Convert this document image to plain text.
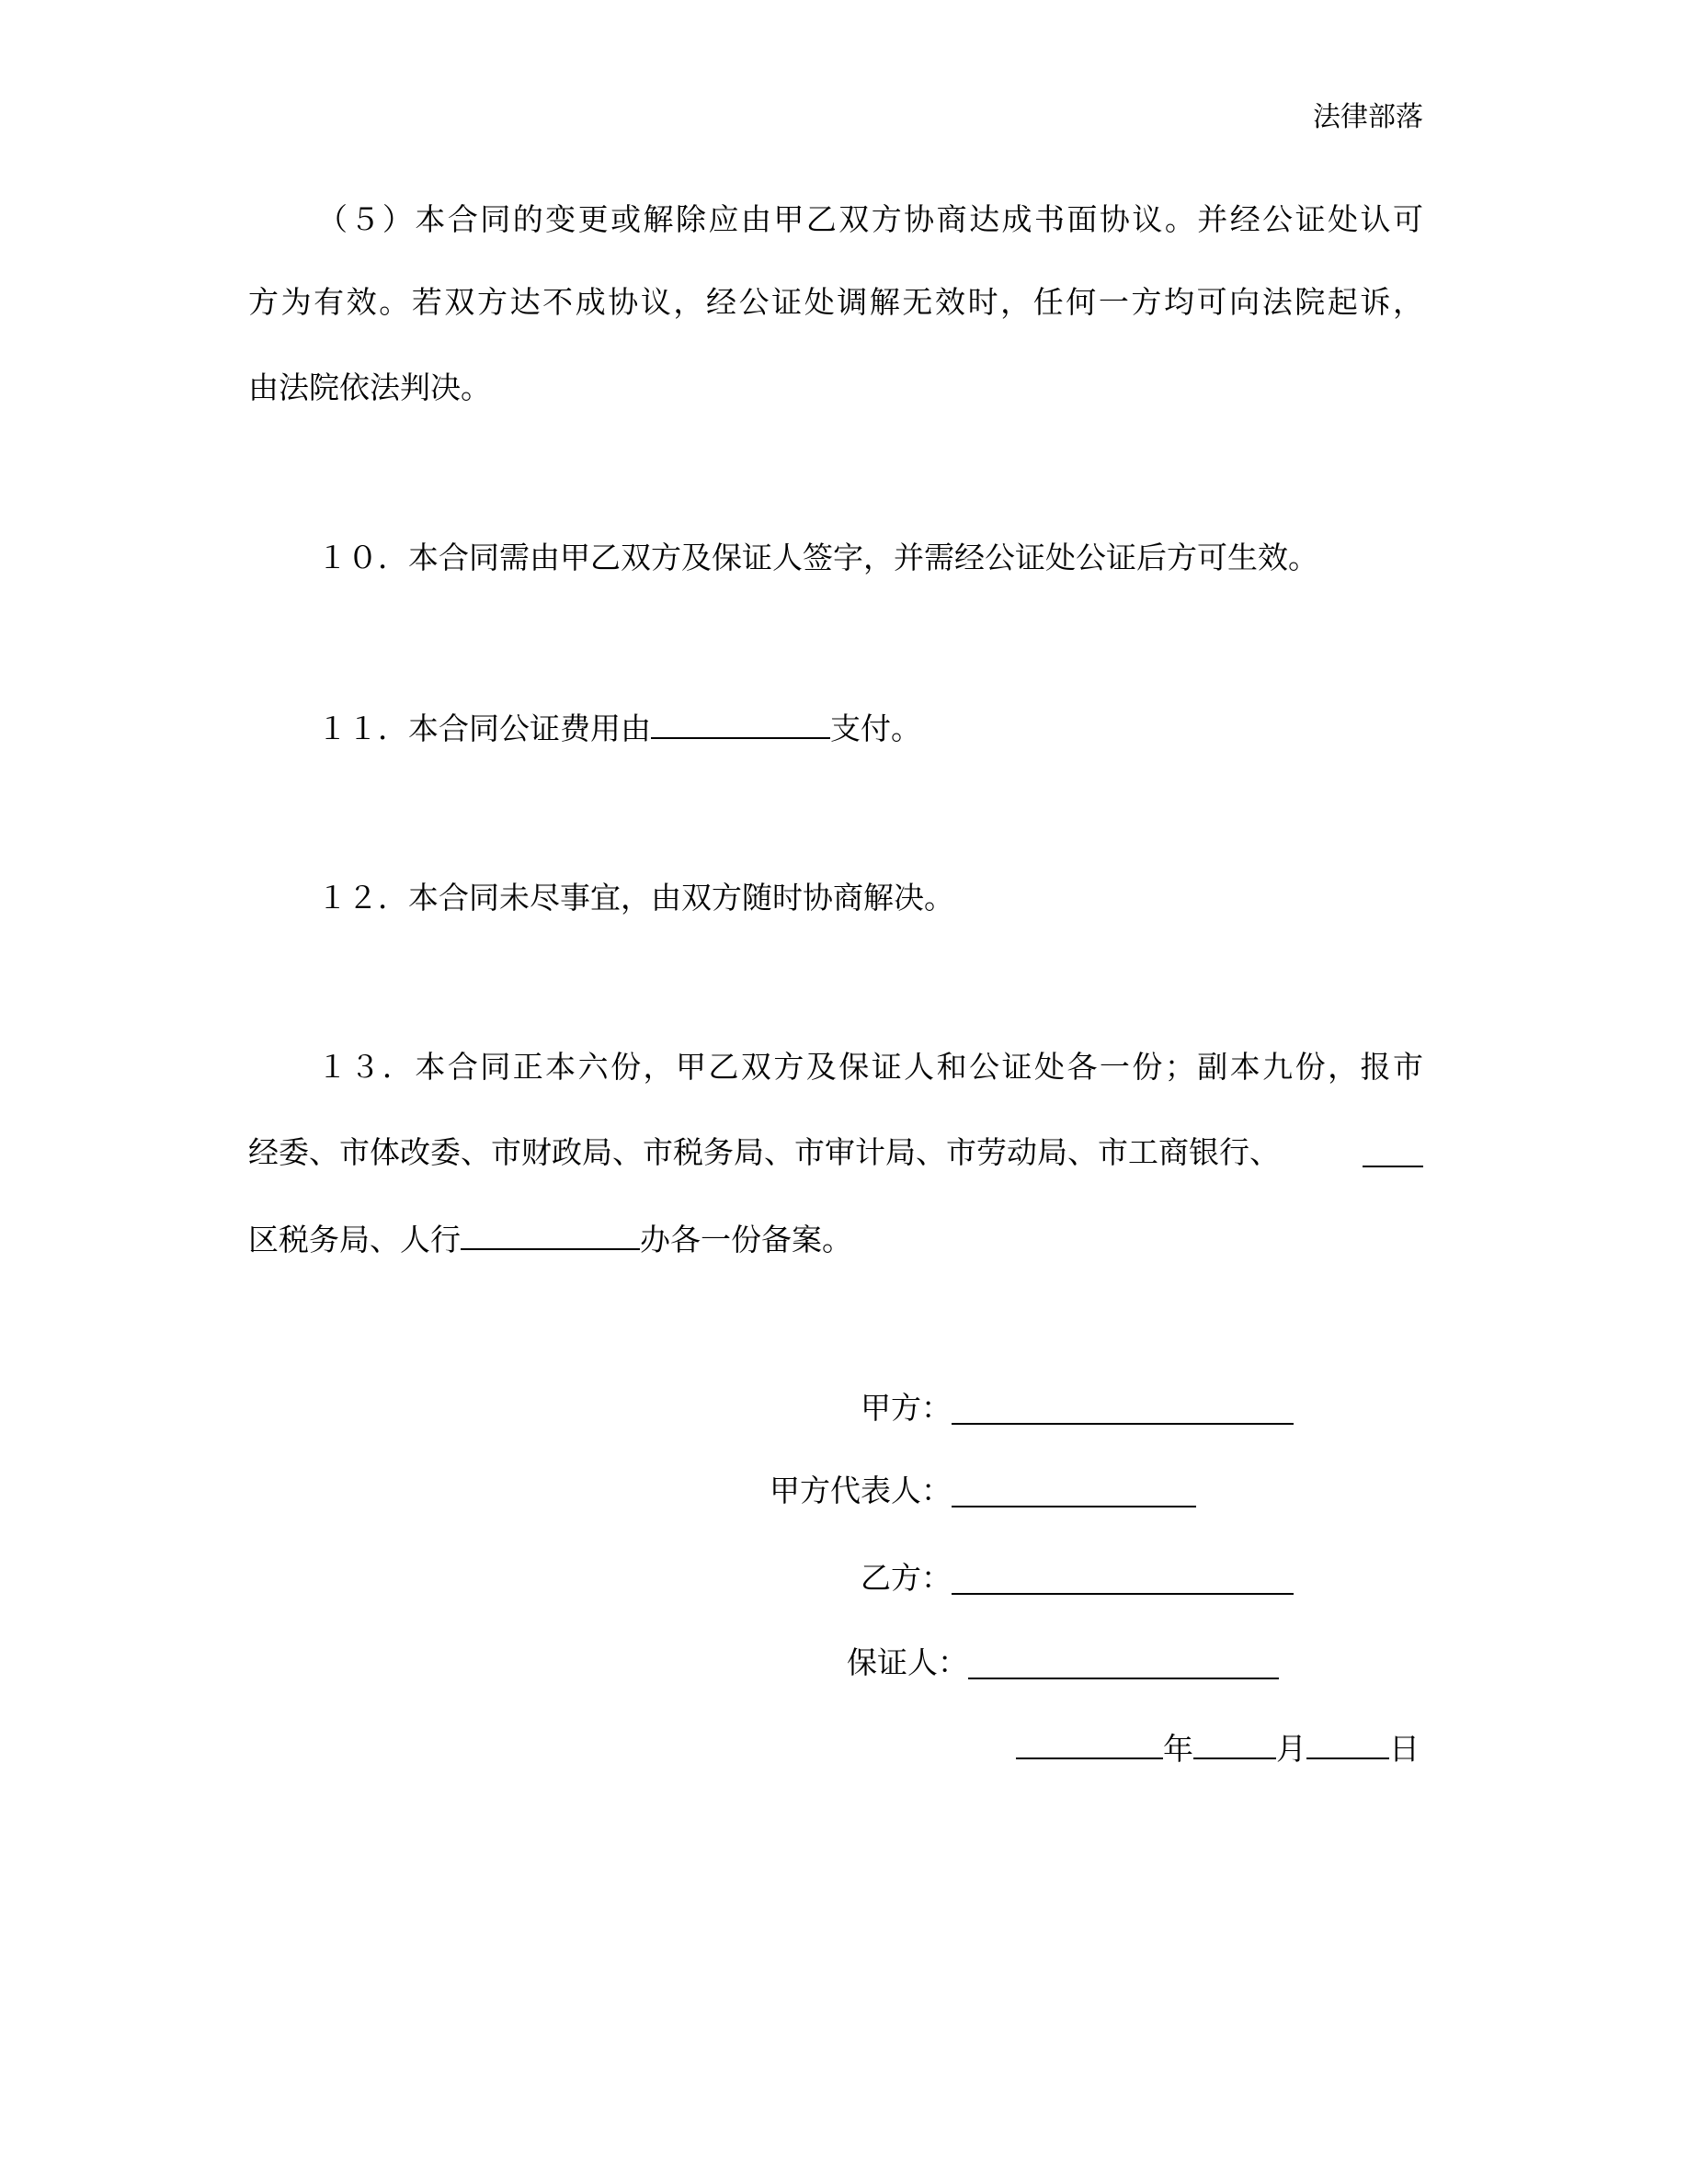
法律部落
（５）本合同的变更或解除应由甲乙双方协商达成书面协议。并经公证处认可
方为有效。若双方达不成协议，经公证处调解无效时，任何一方均可向法院起诉，
由法院依法判决。
１０．本合同需由甲乙双方及保证人签字，并需经公证处公证后方可生效。
１１．本合同公证费用由	支付。
１２．本合同未尽事宜，由双方随时协商解决。
１３．本合同正本六份，甲乙双方及保证人和公证处各一份；副本九份，报市
经委、市体改委、市财政局、市税务局、市审计局、市劳动局、市工商银行、
区税务局、人行	办各一份备案。
甲方：
甲方代表人：
乙方：
保证人：
年	月	日
